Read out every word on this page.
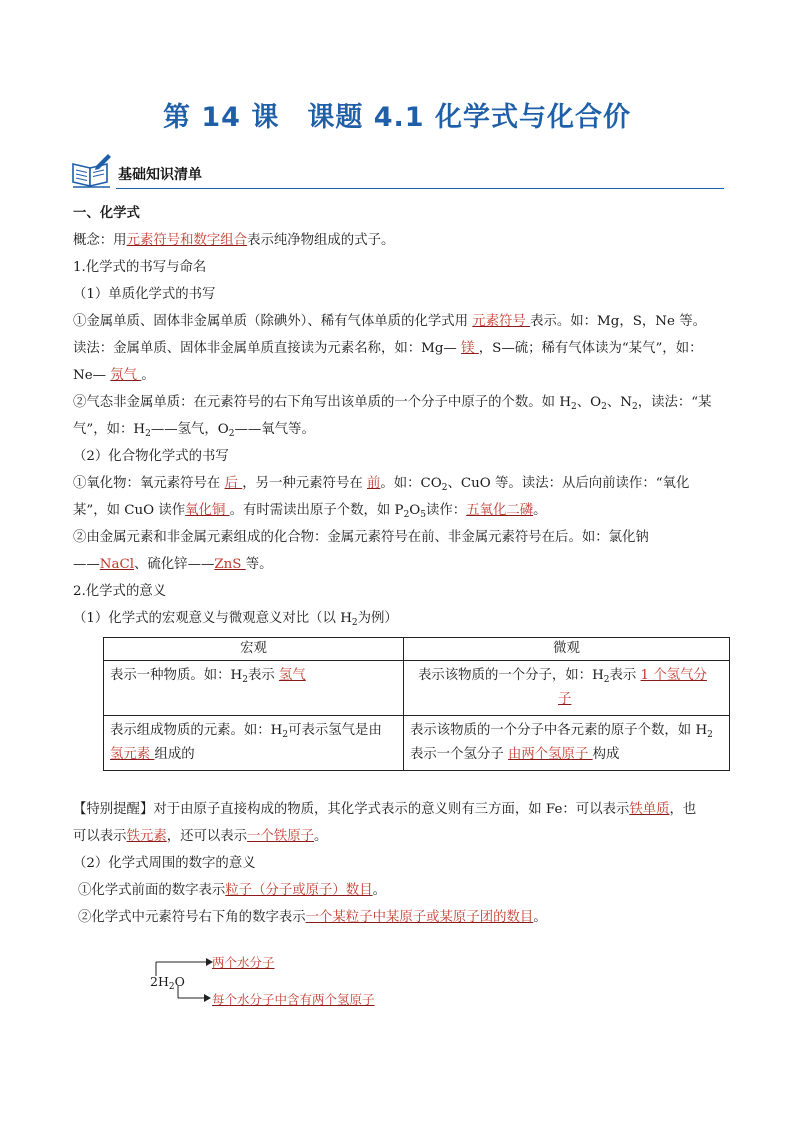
第 14 课　课题 4.1 化学式与化合价
基础知识清单
一、化学式
概念：用元素符号和数字组合表示纯净物组成的式子。
1.化学式的书写与命名
（1）单质化学式的书写
①金属单质、固体非金属单质（除碘外）、稀有气体单质的化学式用 元素符号 表示。如：Mg，S，Ne 等。
读法：金属单质、固体非金属单质直接读为元素名称，如：Mg— 镁 ，S—硫；稀有气体读为“某气”，如：
Ne— 氖气 。
②气态非金属单质：在元素符号的右下角写出该单质的一个分子中原子的个数。如 $H_2$、$O_2$、$N_2$，读法：“某
气”，如：$H_2——$氢气，$O_2——$氧气等。
（2）化合物化学式的书写
①氧化物：氧元素符号在 后 ，另一种元素符号在 前。如：$CO_2$、CuO 等。读法：从后向前读作：“氧化
某”，如 CuO 读作氧化铜 。有时需读出原子个数，如 $P_2O_5$读作：五氧化二磷。
②由金属元素和非金属元素组成的化合物：金属元素符号在前、非金属元素符号在后。如：氯化钠
——NaCl、硫化锌——ZnS 等。
2.化学式的意义
（1）化学式的宏观意义与微观意义对比（以 $H_2$为例）
宏观	微观
表示一种物质。如：$H_2$表示 氢气	表示该物质的一个分子，如：$H_2$表示 1 个氢气分
子
表示组成物质的元素。如：$H_2$可表示氢气是由
氢元素 组成的	表示该物质的一个分子中各元素的原子个数，如 $H_2$
表示一个氢分子 由两个氢原子 构成
【特别提醒】对于由原子直接构成的物质，其化学式表示的意义则有三方面，如 Fe：可以表示铁单质，也
可以表示铁元素，还可以表示一个铁原子。
（2）化学式周围的数字的意义
①化学式前面的数字表示粒子（分子或原子）数目。
②化学式中元素符号右下角的数字表示一个某粒子中某原子或某原子团的数目。
$2H_2O$
两个水分子
每个水分子中含有两个氢原子
